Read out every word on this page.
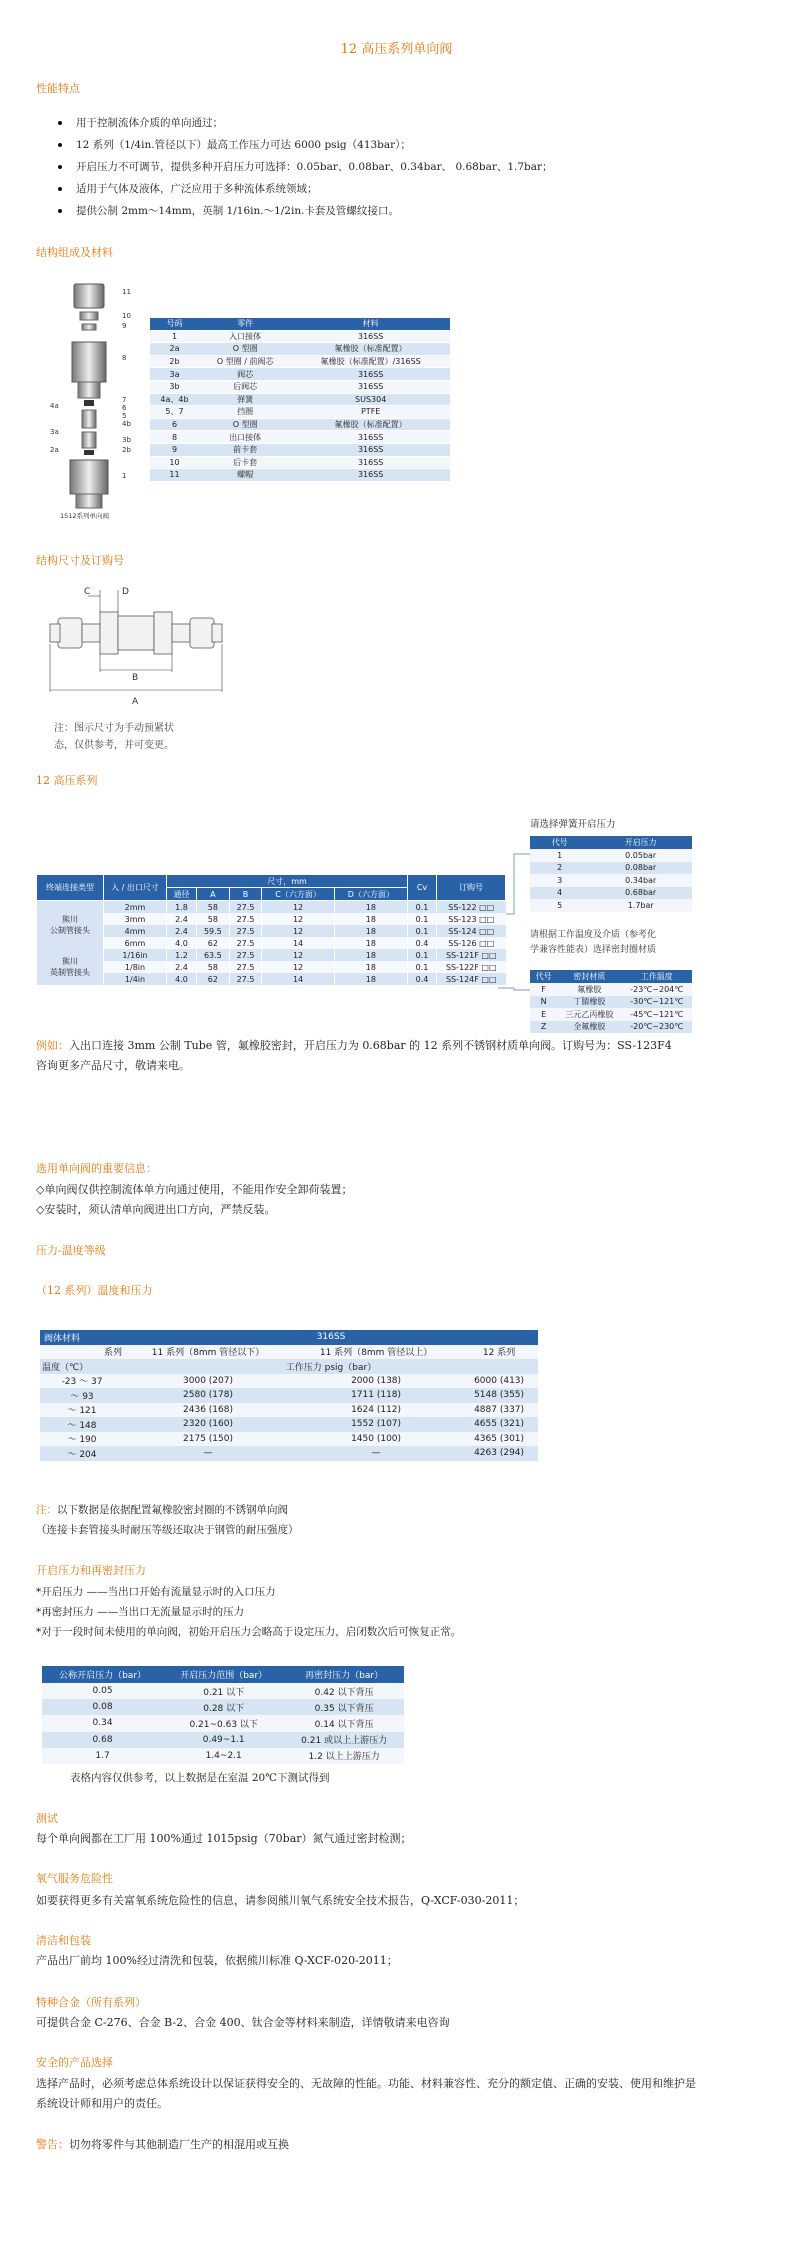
12 高压系列单向阀
性能特点
用于控制流体介质的单向通过；
12 系列（1/4in.管径以下）最高工作压力可达 6000 psig（413bar）；
开启压力不可调节，提供多种开启压力可选择：0.05bar、0.08bar、0.34bar、 0.68bar、1.7bar；
适用于气体及液体，广泛应用于多种流体系统领域；
提供公制 2mm～14mm，英制 1/16in.～1/2in.卡套及管螺纹接口。
结构组成及材料
11
10
9
8
7
6
5
4b
3b
3a
2b
2a
4a
1
1512系列单向阀
号码	零件	材料
1	入口接体	316SS
2a	O 型圈	氟橡胶（标准配置）
2b	O 型圈 / 前阀芯	氟橡胶（标准配置）/316SS
3a	阀芯	316SS
3b	后阀芯	316SS
4a、4b	弹簧	SUS304
5、7	挡圈	PTFE
6	O 型圈	氟橡胶（标准配置）
8	出口接体	316SS
9	前卡套	316SS
10	后卡套	316SS
11	螺帽	316SS
结构尺寸及订购号
C	D
B
A
注：图示尺寸为手动预紧状
态，仅供参考，并可变更。
12 高压系列
请选择弹簧开启压力
代号	开启压力
1	0.05bar
2	0.08bar
3	0.34bar
4	0.68bar
5	1.7bar
请根据工作温度及介质（参考化
学兼容性能表）选择密封圈材质
代号	密封材质	工作温度
F	氟橡胶	-23℃~204℃
N	丁腈橡胶	-30℃~121℃
E	三元乙丙橡胶	-45℃~121℃
Z	全氟橡胶	-20℃~230℃
终端连接类型	入 / 出口尺寸	尺寸，mm					Cv	订购号
		通径	A	B	C（六方面）	D（六方面）		

熊川
公制管接头	2mm	1.8	58	27.5	12	18	0.1	SS-122 □□
	3mm	2.4	58	27.5	12	18	0.1	SS-123 □□
	4mm	2.4	59.5	27.5	12	18	0.1	SS-124 □□
	6mm	4.0	62	27.5	14	18	0.4	SS-126 □□

熊川
英制管接头	1/16in	1.2	63.5	27.5	12	18	0.1	SS-121F □□
	1/8in	2.4	58	27.5	12	18	0.1	SS-122F □□
	1/4in	4.0	62	27.5	14	18	0.4	SS-124F □□
例如：入出口连接 3mm 公制 Tube 管，氟橡胶密封，开启压力为 0.68bar 的 12 系列不锈钢材质单向阀。订购号为：SS-123F4
咨询更多产品尺寸，敬请来电。
选用单向阀的重要信息：
◇单向阀仅供控制流体单方向通过使用，不能用作安全卸荷装置；
◇安装时，须认清单向阀进出口方向，严禁反装。
压力-温度等级
（12 系列）温度和压力
阀体材料	316SS		
系列	11 系列（8mm 管径以下）	11 系列（8mm 管径以上）	12 系列
温度（℃）	工作压力 psig（bar）		
-23 ～ 37	3000 (207)	2000 (138)	6000 (413)
～ 93	2580 (178)	1711 (118)	5148 (355)
～ 121	2436 (168)	1624 (112)	4887 (337)
～ 148	2320 (160)	1552 (107)	4655 (321)
～ 190	2175 (150)	1450 (100)	4365 (301)
～ 204	—	—	4263 (294)
注：以下数据是依据配置氟橡胶密封圈的不锈钢单向阀
（连接卡套管接头时耐压等级还取决于钢管的耐压强度）
开启压力和再密封压力
*开启压力 ——当出口开始有流量显示时的入口压力
*再密封压力 ——当出口无流量显示时的压力
*对于一段时间未使用的单向阀，初始开启压力会略高于设定压力，启闭数次后可恢复正常。
公称开启压力（bar）	开启压力范围（bar）	再密封压力（bar）
0.05	0.21 以下	0.42 以下背压
0.08	0.28 以下	0.35 以下背压
0.34	0.21~0.63 以下	0.14 以下背压
0.68	0.49~1.1	0.21 或以上上游压力
1.7	1.4~2.1	1.2 以上上游压力
表格内容仅供参考，以上数据是在室温 20℃下测试得到
测试
每个单向阀都在工厂用 100%通过 1015psig（70bar）氮气通过密封检测；
氧气服务危险性
如要获得更多有关富氧系统危险性的信息，请参阅熊川氧气系统安全技术报告，Q-XCF-030-2011；
清洁和包装
产品出厂前均 100%经过清洗和包装，依据熊川标准 Q-XCF-020-2011；
特种合金（所有系列）
可提供合金 C-276、合金 B-2、合金 400、钛合金等材料来制造，详情敬请来电咨询
安全的产品选择
选择产品时，必须考虑总体系统设计以保证获得安全的、无故障的性能。功能、材料兼容性、充分的额定值、正确的安装、使用和维护是
系统设计师和用户的责任。
警告：切勿将零件与其他制造厂生产的相混用或互换
